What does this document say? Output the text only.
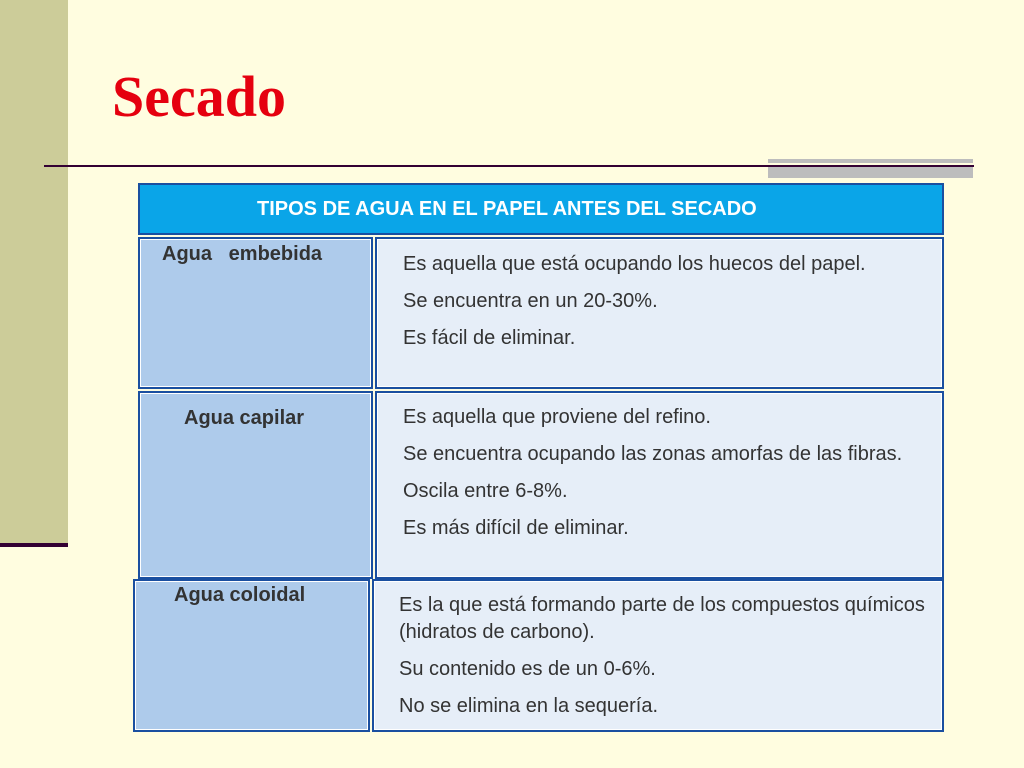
Secado
TIPOS DE AGUA EN EL PAPEL ANTES DEL SECADO
Agua   embebida	Es aquella que está ocupando los huecos del papel.

Se encuentra en un 20-30%.

Es fácil de eliminar.

Agua capilar	Es aquella que proviene del refino.

Se encuentra ocupando las zonas amorfas de las fibras.

Oscila entre 6-8%.

Es más difícil de eliminar.

Agua coloidal	Es la que está formando parte de los compuestos químicos (hidratos de carbono).

Su contenido es de un 0-6%.

No se elimina en la sequería.
